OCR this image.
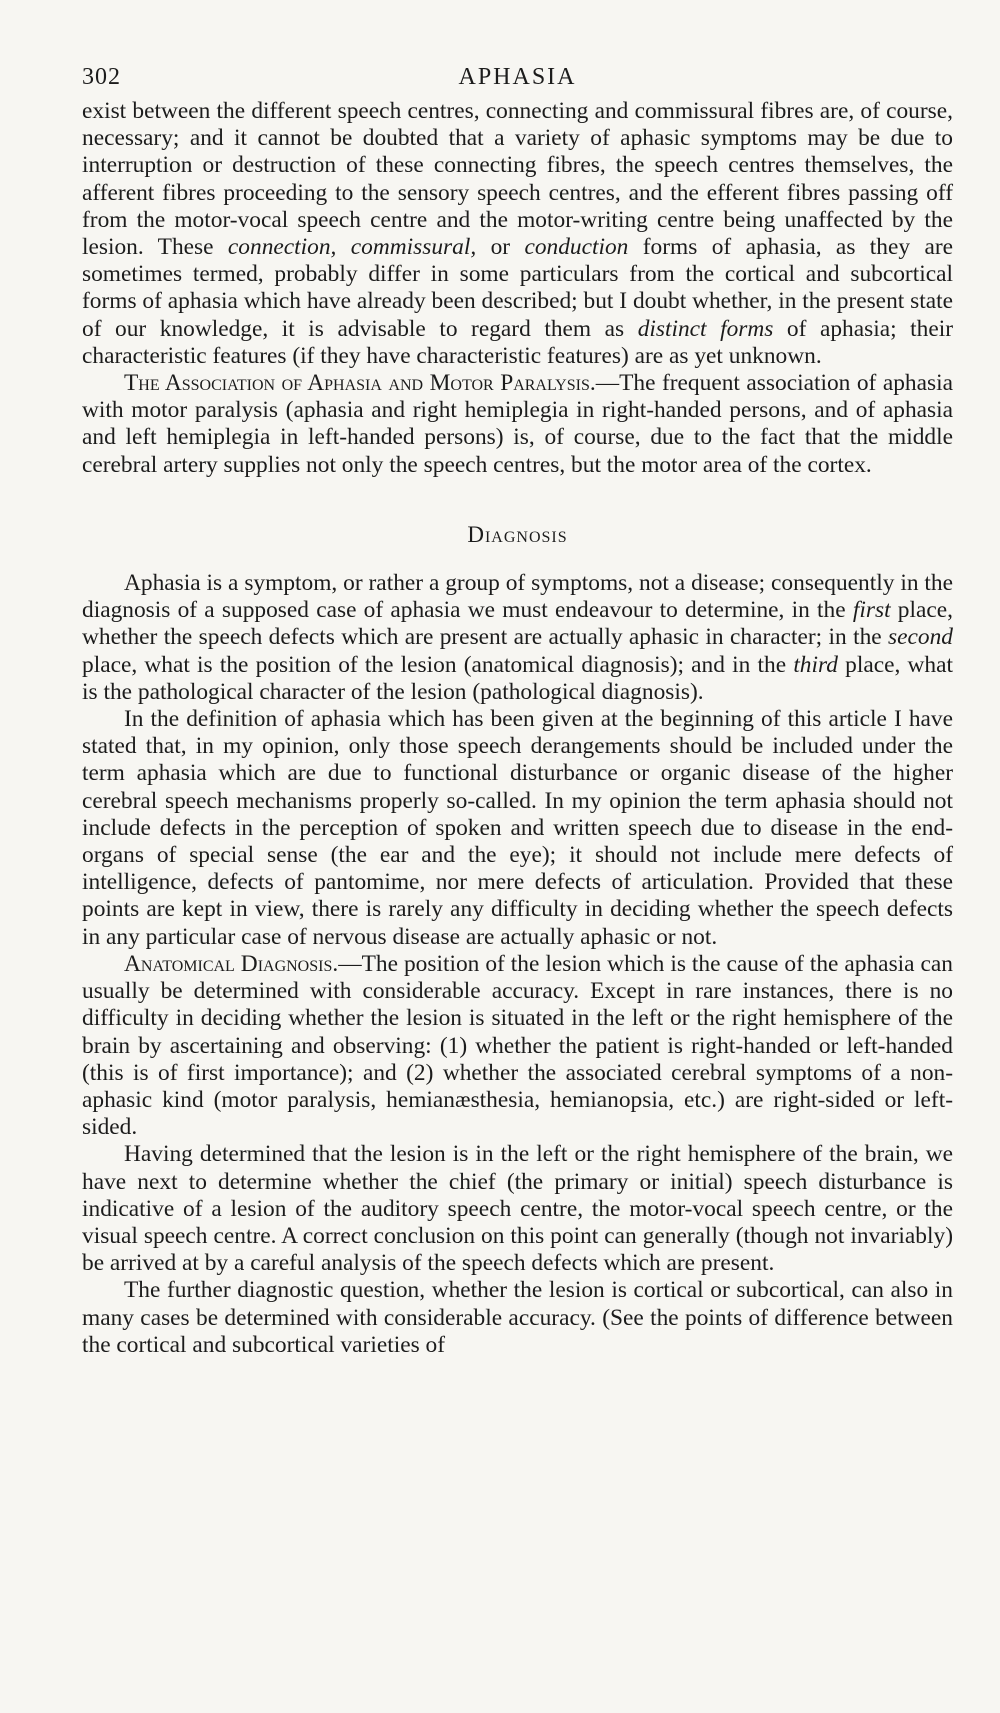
302	APHASIA

exist between the different speech centres, connecting and commissural fibres are, of course, necessary; and it cannot be doubted that a variety of aphasic symptoms may be due to interruption or destruction of these connecting fibres, the speech centres themselves, the afferent fibres proceeding to the sensory speech centres, and the efferent fibres passing off from the motor-vocal speech centre and the motor-writing centre being unaffected by the lesion. These connection, commissural, or conduction forms of aphasia, as they are sometimes termed, probably differ in some particulars from the cortical and subcortical forms of aphasia which have already been described; but I doubt whether, in the present state of our knowledge, it is advisable to regard them as distinct forms of aphasia; their characteristic features (if they have characteristic features) are as yet unknown.

The Association of Aphasia and Motor Paralysis.—The frequent association of aphasia with motor paralysis (aphasia and right hemiplegia in right-handed persons, and of aphasia and left hemiplegia in left-handed persons) is, of course, due to the fact that the middle cerebral artery supplies not only the speech centres, but the motor area of the cortex.

Diagnosis

Aphasia is a symptom, or rather a group of symptoms, not a disease; consequently in the diagnosis of a supposed case of aphasia we must endeavour to determine, in the first place, whether the speech defects which are present are actually aphasic in character; in the second place, what is the position of the lesion (anatomical diagnosis); and in the third place, what is the pathological character of the lesion (pathological diagnosis).

In the definition of aphasia which has been given at the beginning of this article I have stated that, in my opinion, only those speech derangements should be included under the term aphasia which are due to functional disturbance or organic disease of the higher cerebral speech mechanisms properly so-called. In my opinion the term aphasia should not include defects in the perception of spoken and written speech due to disease in the end-organs of special sense (the ear and the eye); it should not include mere defects of intelligence, defects of pantomime, nor mere defects of articulation. Provided that these points are kept in view, there is rarely any difficulty in deciding whether the speech defects in any particular case of nervous disease are actually aphasic or not.

Anatomical Diagnosis.—The position of the lesion which is the cause of the aphasia can usually be determined with considerable accuracy. Except in rare instances, there is no difficulty in deciding whether the lesion is situated in the left or the right hemisphere of the brain by ascertaining and observing: (1) whether the patient is right-handed or left-handed (this is of first importance); and (2) whether the associated cerebral symptoms of a non-aphasic kind (motor paralysis, hemianæsthesia, hemianopsia, etc.) are right-sided or left-sided.

Having determined that the lesion is in the left or the right hemisphere of the brain, we have next to determine whether the chief (the primary or initial) speech disturbance is indicative of a lesion of the auditory speech centre, the motor-vocal speech centre, or the visual speech centre. A correct conclusion on this point can generally (though not invariably) be arrived at by a careful analysis of the speech defects which are present.

The further diagnostic question, whether the lesion is cortical or subcortical, can also in many cases be determined with considerable accuracy. (See the points of difference between the cortical and subcortical varieties of
